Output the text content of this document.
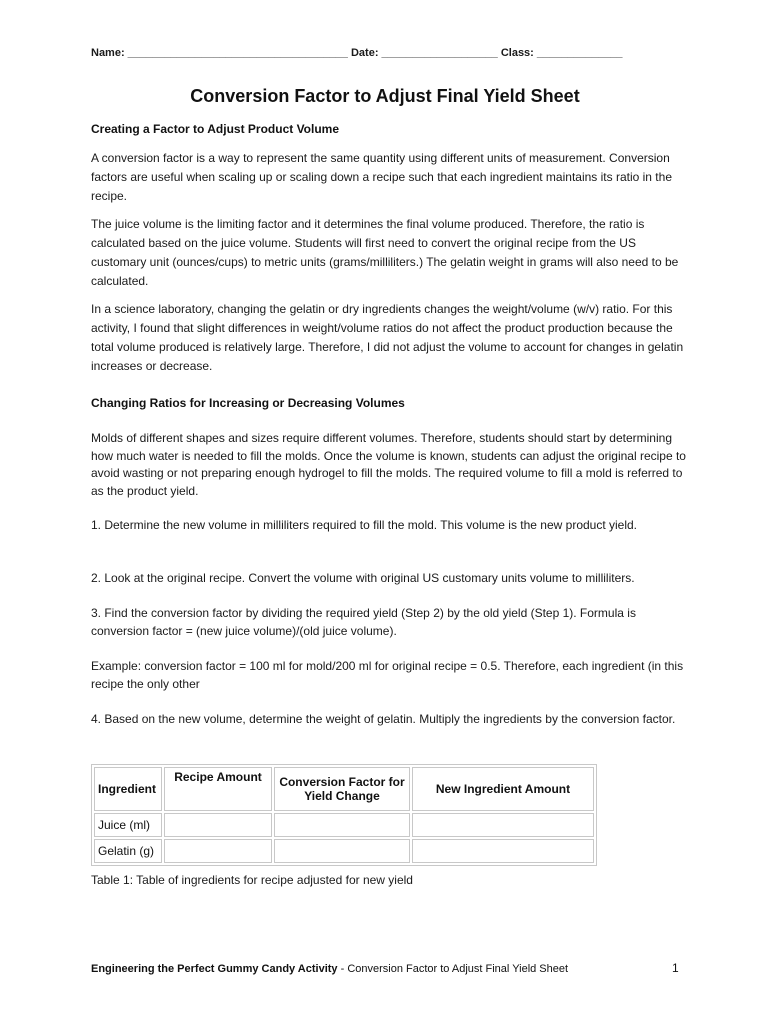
Name: ____________________________________ Date: ___________________ Class: ______________
Conversion Factor to Adjust Final Yield Sheet
Creating a Factor to Adjust Product Volume
A conversion factor is a way to represent the same quantity using different units of measurement. Conversion factors are useful when scaling up or scaling down a recipe such that each ingredient maintains its ratio in the recipe.
The juice volume is the limiting factor and it determines the final volume produced. Therefore, the ratio is calculated based on the juice volume. Students will first need to convert the original recipe from the US customary unit (ounces/cups) to metric units (grams/milliliters.) The gelatin weight in grams will also need to be calculated.
In a science laboratory, changing the gelatin or dry ingredients changes the weight/volume (w/v) ratio. For this activity, I found that slight differences in weight/volume ratios do not affect the product production because the total volume produced is relatively large. Therefore, I did not adjust the volume to account for changes in gelatin increases or decrease.
Changing Ratios for Increasing or Decreasing Volumes
Molds of different shapes and sizes require different volumes. Therefore, students should start by determining how much water is needed to fill the molds. Once the volume is known, students can adjust the original recipe to avoid wasting or not preparing enough hydrogel to fill the molds. The required volume to fill a mold is referred to as the product yield.
1. Determine the new volume in milliliters required to fill the mold. This volume is the new product yield.
2. Look at the original recipe. Convert the volume with original US customary units volume to milliliters.
3. Find the conversion factor by dividing the required yield (Step 2) by the old yield (Step 1). Formula is conversion factor = (new juice volume)/(old juice volume).
Example: conversion factor = 100 ml for mold/200 ml for original recipe = 0.5. Therefore, each ingredient (in this recipe the only other
4. Based on the new volume, determine the weight of gelatin. Multiply the ingredients by the conversion factor.
Ingredient	Recipe Amount	Conversion Factor for Yield Change	New Ingredient Amount
Juice (ml)			
Gelatin (g)			
Table 1: Table of ingredients for recipe adjusted for new yield
Engineering the Perfect Gummy Candy Activity - Conversion Factor to Adjust Final Yield Sheet	1
